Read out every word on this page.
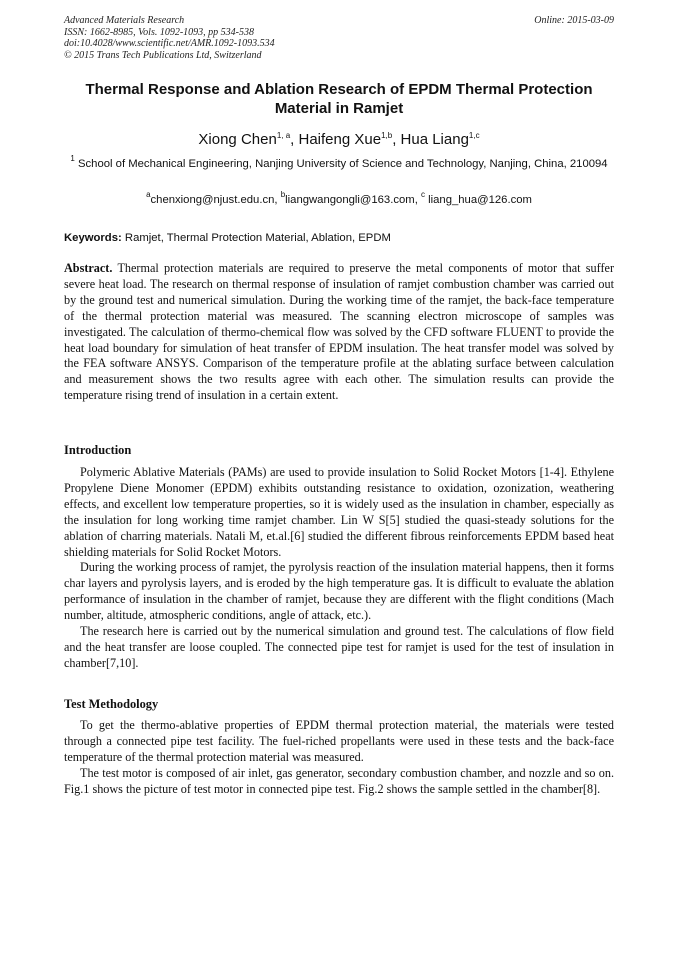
Advanced Materials Research
ISSN: 1662-8985, Vols. 1092-1093, pp 534-538
doi:10.4028/www.scientific.net/AMR.1092-1093.534
© 2015 Trans Tech Publications Ltd, Switzerland
Online: 2015-03-09
Thermal Response and Ablation Research of EPDM Thermal Protection Material in Ramjet
Xiong Chen$^{1, a}$, Haifeng Xue$^{1,b}$, Hua Liang$^{1,c}$
$^1$ School of Mechanical Engineering, Nanjing University of Science and Technology, Nanjing, China, 210094
$^a$chenxiong@njust.edu.cn, $^b$liangwangongli@163.com, $^c$ liang_hua@126.com
Keywords: Ramjet, Thermal Protection Material, Ablation, EPDM

Abstract. Thermal protection materials are required to preserve the metal components of motor that suffer severe heat load. The research on thermal response of insulation of ramjet combustion chamber was carried out by the ground test and numerical simulation. During the working time of the ramjet, the back-face temperature of the thermal protection material was measured. The scanning electron microscope of samples was investigated. The calculation of thermo-chemical flow was solved by the CFD software FLUENT to provide the heat load boundary for simulation of heat transfer of EPDM insulation. The heat transfer model was solved by the FEA software ANSYS. Comparison of the temperature profile at the ablating surface between calculation and measurement shows the two results agree with each other. The simulation results can provide the temperature rising trend of insulation in a certain extent.

Introduction

Polymeric Ablative Materials (PAMs) are used to provide insulation to Solid Rocket Motors [1-4]. Ethylene Propylene Diene Monomer (EPDM) exhibits outstanding resistance to oxidation, ozonization, weathering effects, and excellent low temperature properties, so it is widely used as the insulation in chamber, especially as the insulation for long working time ramjet chamber. Lin W S[5] studied the quasi-steady solutions for the ablation of charring materials. Natali M, et.al.[6] studied the different fibrous reinforcements EPDM based heat shielding materials for Solid Rocket Motors.

During the working process of ramjet, the pyrolysis reaction of the insulation material happens, then it forms char layers and pyrolysis layers, and is eroded by the high temperature gas. It is difficult to evaluate the ablation performance of insulation in the chamber of ramjet, because they are different with the flight conditions (Mach number, altitude, atmospheric conditions, angle of attack, etc.).

The research here is carried out by the numerical simulation and ground test. The calculations of flow field and the heat transfer are loose coupled. The connected pipe test for ramjet is used for the test of insulation in chamber[7,10].

Test Methodology

To get the thermo-ablative properties of EPDM thermal protection material, the materials were tested through a connected pipe test facility. The fuel-riched propellants were used in these tests and the back-face temperature of the thermal protection material was measured.

The test motor is composed of air inlet, gas generator, secondary combustion chamber, and nozzle and so on. Fig.1 shows the picture of test motor in connected pipe test. Fig.2 shows the sample settled in the chamber[8].
